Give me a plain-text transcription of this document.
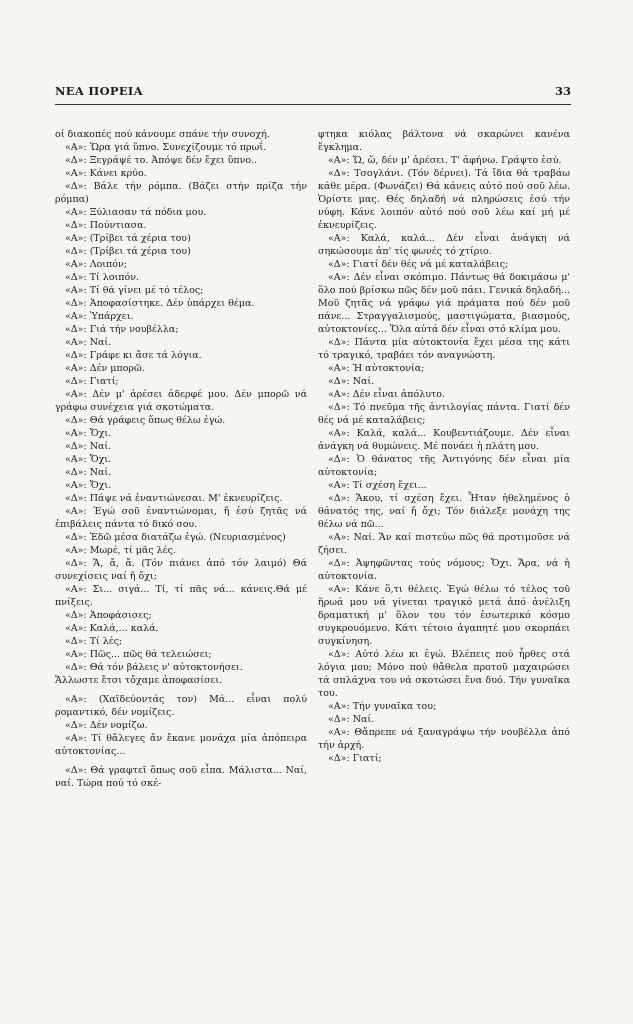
ΝΕΑ ΠΟΡΕΙΑ	33

οί διακοπές πού κάνουμε σπάνε τήν συνοχή.

«Α»: Ὥρα γιά ὕπνο. Συνεχίζουμε τό πρωΐ.

«Δ»: Ξεγράψέ το. Ἀπόψε δέν ἔχει ὕπνο..

«Α»: Κάνει κρύο.

«Δ»: Βάλε τήν ρόμπα. (Βάζει στήν πρίζα τήν ρόμπα)

«Α»: Ξύλιασαν τά πόδια μου.

«Δ»: Πούντιασα.

«Α»: (Τρίβει τά χέρια του)

«Δ»: (Τρίβει τά χέρια του)

«Α»: Λοιπόν;

«Δ»: Τί λοιπόν.

«Α»: Τί θά γίνει μέ τό τέλος;

«Δ»: Ἀποφασίστηκε. Δέν ὑπάρχει θέμα.

«Α»: Ὑπάρχει.

«Δ»: Γιά τήν νουβέλλα;

«Α»: Ναί.

«Δ»: Γράφε κι ἄσε τά λόγια.

«Α»: Δέν μπορῶ.

«Δ»: Γιατί;

«Α»: Δέν μ' ἀρέσει ἀδερφέ μου. Δέν μπορῶ νά γράφω συνέχεια γιά σκοτώματα.

«Δ»: Θά γράφεις ὅπως θέλω ἐγώ.

«Α»: Ὄχι.

«Δ»: Ναί.

«Α»: Ὄχι.

«Δ»: Ναί.

«Α»: Ὄχι.

«Δ»: Πάψε νά ἐναντιώνεσαι. Μ' ἐκνευρίζεις.

«Α»: Ἐγώ σοῦ ἐναντιώνομαι, ἤ ἐσύ ζητᾶς νά ἐπιβάλεις πάντα τό δικό σου.

«Δ»: Ἐδῶ μέσα διατάζω ἐγώ. (Νευριασμένος)

«Α»: Μωρέ, τί μᾶς λές.

«Δ»: Ἄ, ἄ, ἄ. (Τόν πιάνει ἀπό τόν λαιμό) Θά συνεχίσεις ναί ἤ ὄχι;

«Α»: Σι... σιγά... Τί, τί πᾶς νά... κάνεις.Θά μέ πνίξεις.

«Δ»: Ἀποφάσισες;

«Α»: Καλά,... καλά.

«Δ»: Τί λές;

«Α»: Πῶς... πῶς θά τελειώσει;

«Δ»: Θά τόν βάλεις ν' αὐτοκτονήσει.

Ἄλλωστε ἔτσι τὄχαμε ἀποφασίσει.

«Α»: (Χαϊδεύοντάς τον) Μά... εἶναι πολύ ρομαντικό, δέν νομίζεις.

«Δ»: Δέν νομίζω.

«Α»: Τί θἄλεγες ἄν ἔκανε μονάχα μία ἀπόπειρα αὐτοκτονίας...

«Δ»: Θά γραφτεῖ ὅπως σοῦ εἶπα. Μάλιστα... Ναί, ναί. Τώρα πού τό σκέ-

φτηκα κιόλας βάλτονα νά σκαρώνει κανένα ἔγκλημα.

«Α»: Ὤ, ὤ, δέν μ' ἀρέσει. Τ' ἀφήνω. Γράψτο ἐσύ.

«Δ»: Τσογλάνι. (Τόν δέρνει). Τά ἴδια θά τραβάω κάθε μέρα. (Φωνάζει) Θά κάνεις αὐτό πού σοῦ λέω. Ὁρίστε μας. Θές δηλαδή νά πληρώσεις ἐσύ τήν νύφη. Κάνε λοιπόν αὐτό πού σοῦ λέω καί μή μέ ἐκνευρίζεις.

«Α»: Καλά, καλά... Δέν εἶναι ἀνάγκη νά σηκώσουμε ἀπ' τίς φωνές τό χτίριο.

«Δ»: Γιατί δέν θές νά μέ καταλάβεις;

«Α»: Δέν εἶναι σκόπιμο. Πάντως θά δοκιμάσω μ' ὅλο πού βρίσκω πῶς δέν μοῦ πάει. Γενικά δηλαδή... Μοῦ ζητᾶς νά γράφω γιά πράματα πού δέν μοῦ πάνε... Στραγγαλισμούς, μαστιγώματα, βιασμούς, αὐτοκτονίες... Ὅλα αὐτά δέν εἶναι στό κλίμα μου.

«Δ»: Πάντα μία αὐτοκτονία ἔχει μέσα της κάτι τό τραγικό, τραβάει τόν αναγνώστη.

«Α»: Ἡ αὐτοκτονία;

«Δ»: Ναί.

«Α»: Δέν εἶναι ἀπόλυτο.

«Δ»: Τό πνεῦμα τῆς ἀντιλογίας πάντα. Γιατί δέν θές νά μέ καταλάβεις;

«Α»: Καλά, καλά... Κουβεντιάζουμε. Δέν εἶναι ἀνάγκη νά θυμώνεις. Μέ πονάει ἡ πλάτη μου.

«Δ»: Ὁ θάνατος τῆς Ἀντιγόνης δέν εἶναι μία αὐτοκτονία;

«Α»: Τί σχέση ἔχει...

«Δ»: Ἄκου, τί σχέση ἔχει. Ἦταν ἠθελημένος ὁ θάνατός της, ναί ἤ ὄχι; Τόν διάλεξε μονάχη της θέλω νά πῶ...

«Α»: Ναί. Ἄν καί πιστεύω πῶς θά προτιμοῦσε νά ζήσει.

«Δ»: Ἀψηφῶντας τούς νόμους; Ὄχι. Ἄρα, νά ἡ αὐτοκτονία.

«Α»: Κάνε ὅ,τι θέλεις. Ἐγώ θέλω τό τέλος τοῦ ἥρωά μου νά γίνεται τραγικό μετά ἀπό ἀνέλιξη δραματική μ' ὅλον του τόν ἐσωτερικό κόσμο συγκρουόμενο. Κάτι τέτοιο ἀγαπητέ μου σκορπάει συγκίνηση.

«Δ»: Αὐτό λέω κι ἐγώ. Βλέπεις πού ἦρθες στά λόγια μου; Μόνο πού θἄθελα προτοῦ μαχαιρώσει τά σπλάχνα του νά σκοτώσει ἕνα δυό. Τήν γυναῖκα του.

«Α»: Τήν γυναῖκα του;

«Δ»: Ναί.

«Α»: Θἄπρεπε νά ξαναγράψω τήν νουβέλλα ἀπό τήν ἀρχή.

«Δ»: Γιατί;
